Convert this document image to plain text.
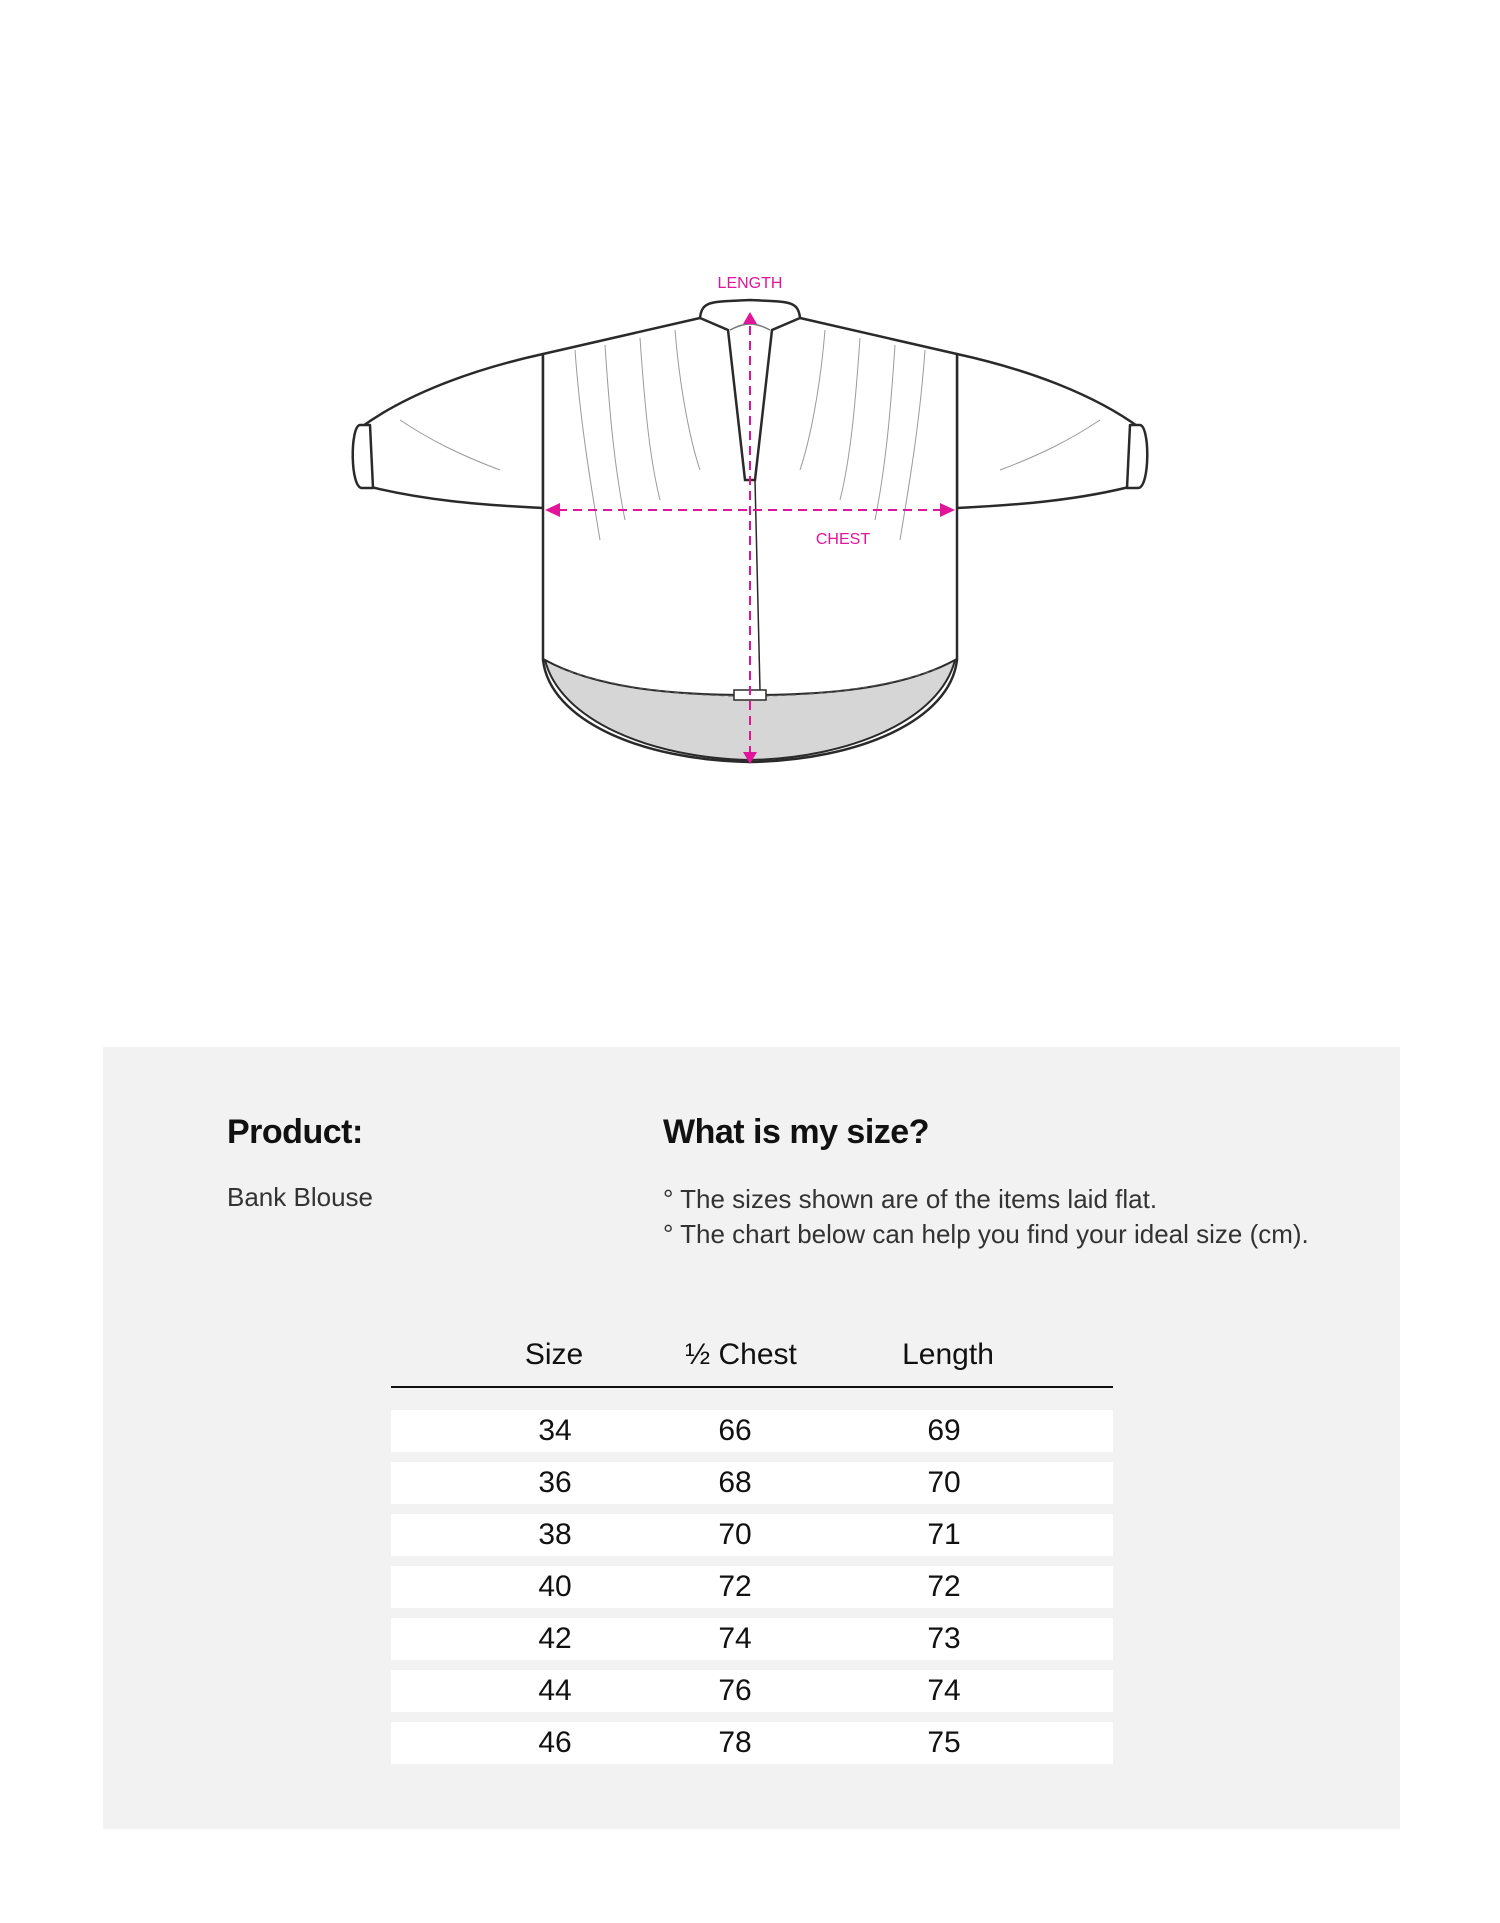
LENGTH
CHEST
Product:
Bank Blouse
What is my size?
° The sizes shown are of the items laid flat.
° The chart below can help you find your ideal size (cm).
Size	½ Chest	Length
34	66	69
36	68	70
38	70	71
40	72	72
42	74	73
44	76	74
46	78	75
